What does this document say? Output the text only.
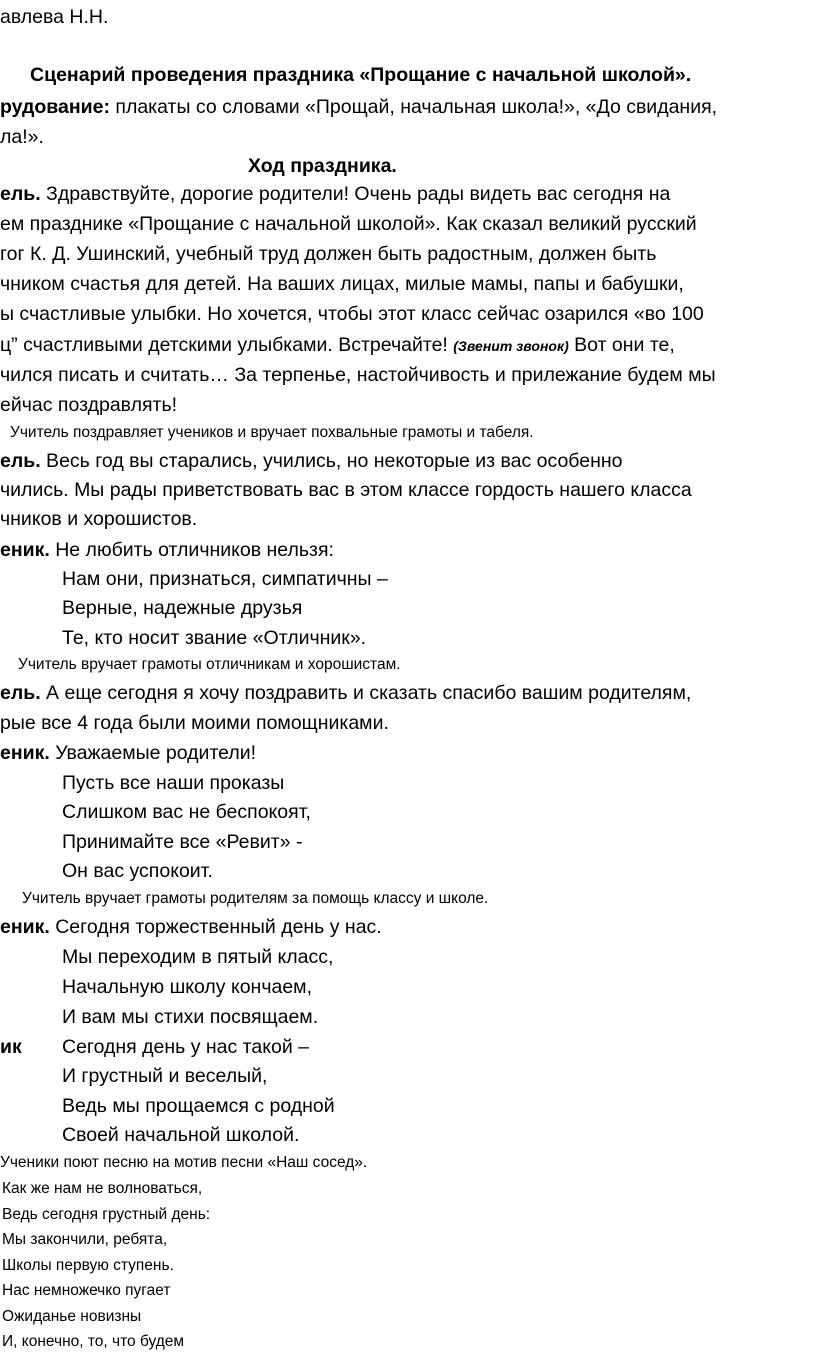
авлева Н.Н.
Сценарий проведения праздника «Прощание с начальной школой».
рудование: плакаты со словами «Прощай, начальная школа!», «До свидания,
ла!».
Ход праздника.
ель. Здравствуйте, дорогие родители! Очень рады видеть вас сегодня на
ем празднике «Прощание с начальной школой». Как сказал великий русский
гог К. Д. Ушинский, учебный труд должен быть радостным, должен быть
чником счастья для детей. На ваших лицах, милые мамы, папы и бабушки,
ы счастливые улыбки. Но хочется, чтобы этот класс сейчас озарился «во 100
ц” счастливыми детскими улыбками. Встречайте! (Звенит звонок) Вот они те,
чился писать и считать… За терпенье, настойчивость и прилежание будем мы
ейчас поздравлять!
Учитель поздравляет учеников и вручает похвальные грамоты и табеля.
ель. Весь год вы старались, учились, но некоторые из вас особенно
чились. Мы рады приветствовать вас в этом классе гордость нашего класса
чников и хорошистов.
еник. Не любить отличников нельзя:
Нам они, признаться, симпатичны –
Верные, надежные друзья
Те, кто носит звание «Отличник».
Учитель вручает грамоты отличникам и хорошистам.
ель. А еще сегодня я хочу поздравить и сказать спасибо вашим родителям,
рые все 4 года были моими помощниками.
еник. Уважаемые родители!
Пусть все наши проказы
Слишком вас не беспокоят,
Принимайте все «Ревит» -
Он вас успокоит.
Учитель вручает грамоты родителям за помощь классу и школе.
еник. Сегодня торжественный день у нас.
Мы переходим в пятый класс,
Начальную школу кончаем,
И вам мы стихи посвящаем.
ик Сегодня день у нас такой –
И грустный и веселый,
Ведь мы прощаемся с родной
Своей начальной школой.
Ученики поют песню на мотив песни «Наш сосед».
Как же нам не волноваться,
Ведь сегодня грустный день:
Мы закончили, ребята,
Школы первую ступень.
Нас немножечко пугает
Ожиданье новизны
И, конечно, то, что будем
